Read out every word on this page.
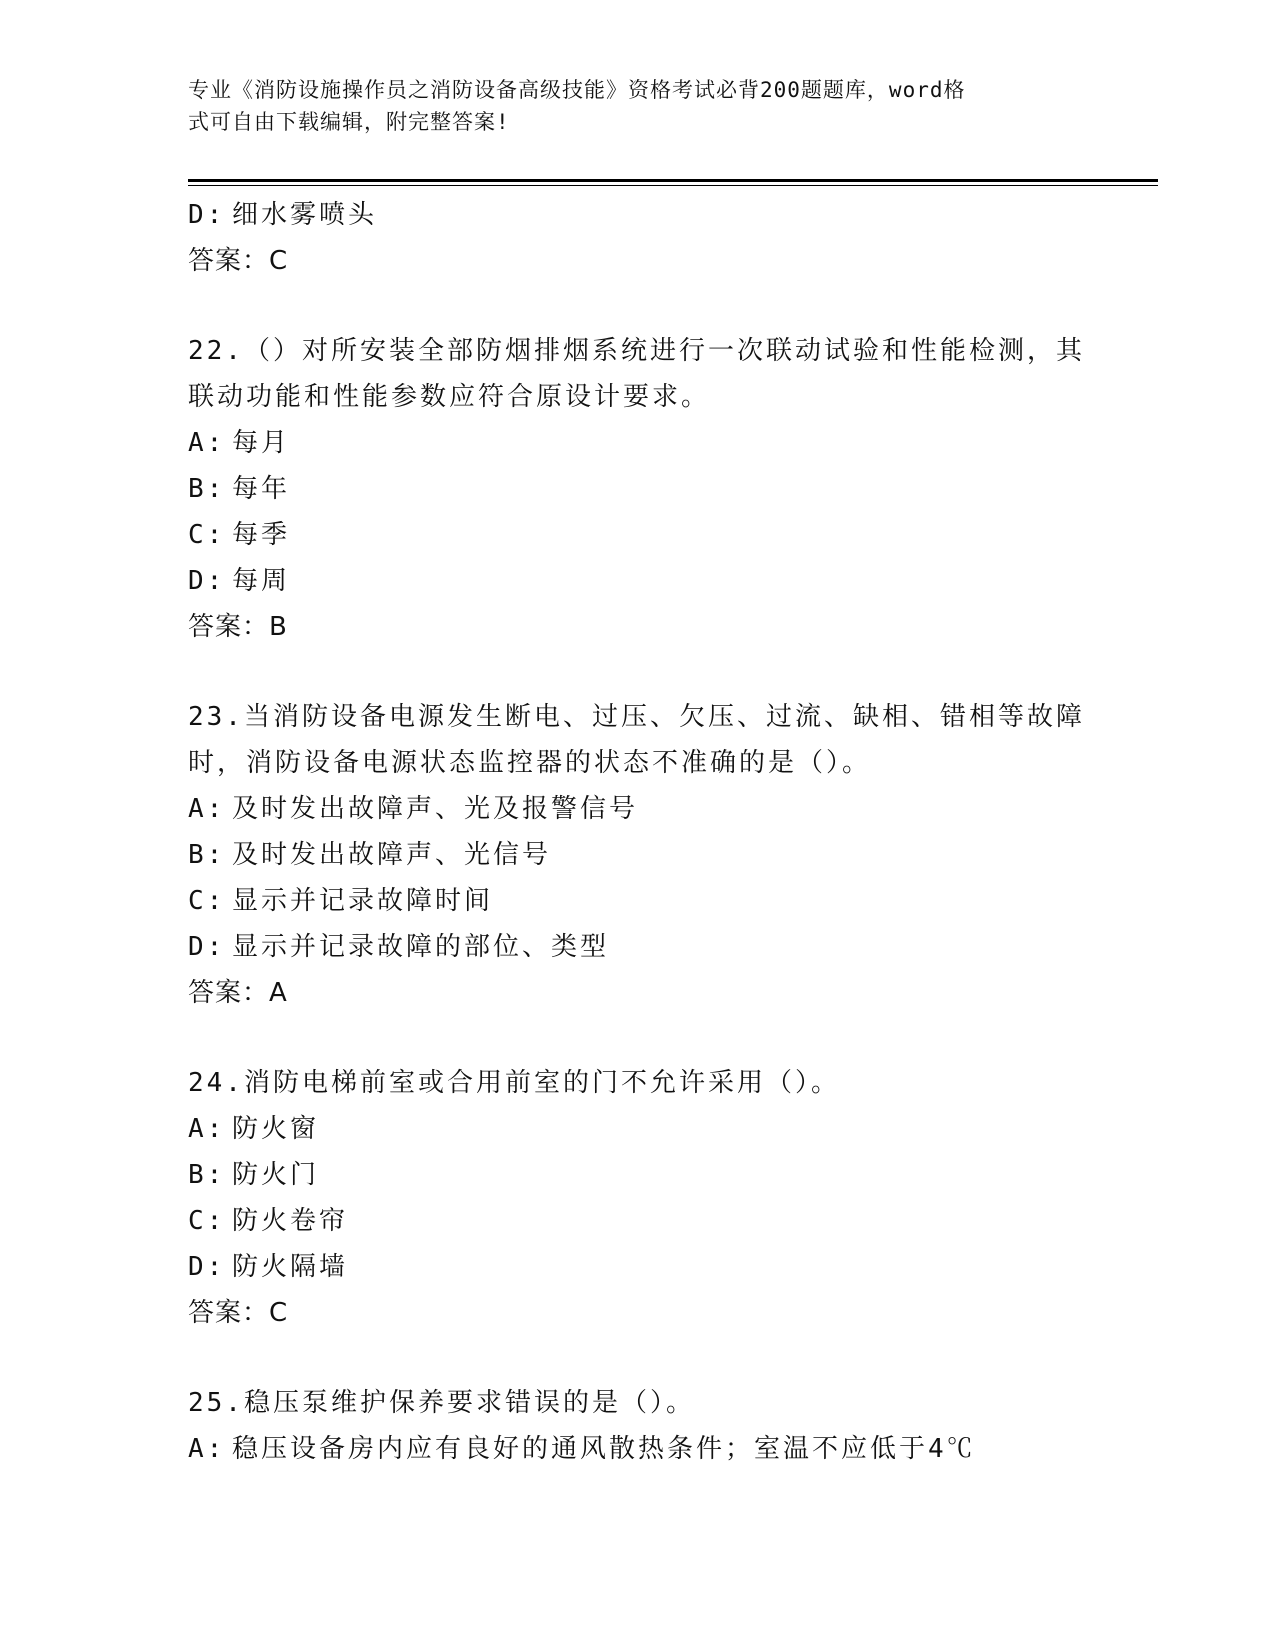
专业《消防设施操作员之消防设备高级技能》资格考试必背200题题库，word格
式可自由下载编辑，附完整答案!
D: 细水雾喷头
答案：C
22.（）对所安装全部防烟排烟系统进行一次联动试验和性能检测，其
联动功能和性能参数应符合原设计要求。
A: 每月
B: 每年
C: 每季
D: 每周
答案：B
23.当消防设备电源发生断电、过压、欠压、过流、缺相、错相等故障
时，消防设备电源状态监控器的状态不准确的是（）。
A: 及时发出故障声、光及报警信号
B: 及时发出故障声、光信号
C: 显示并记录故障时间
D: 显示并记录故障的部位、类型
答案：A
24.消防电梯前室或合用前室的门不允许采用（）。
A: 防火窗
B: 防火门
C: 防火卷帘
D: 防火隔墙
答案：C
25.稳压泵维护保养要求错误的是（）。
A: 稳压设备房内应有良好的通风散热条件；室温不应低于4℃
